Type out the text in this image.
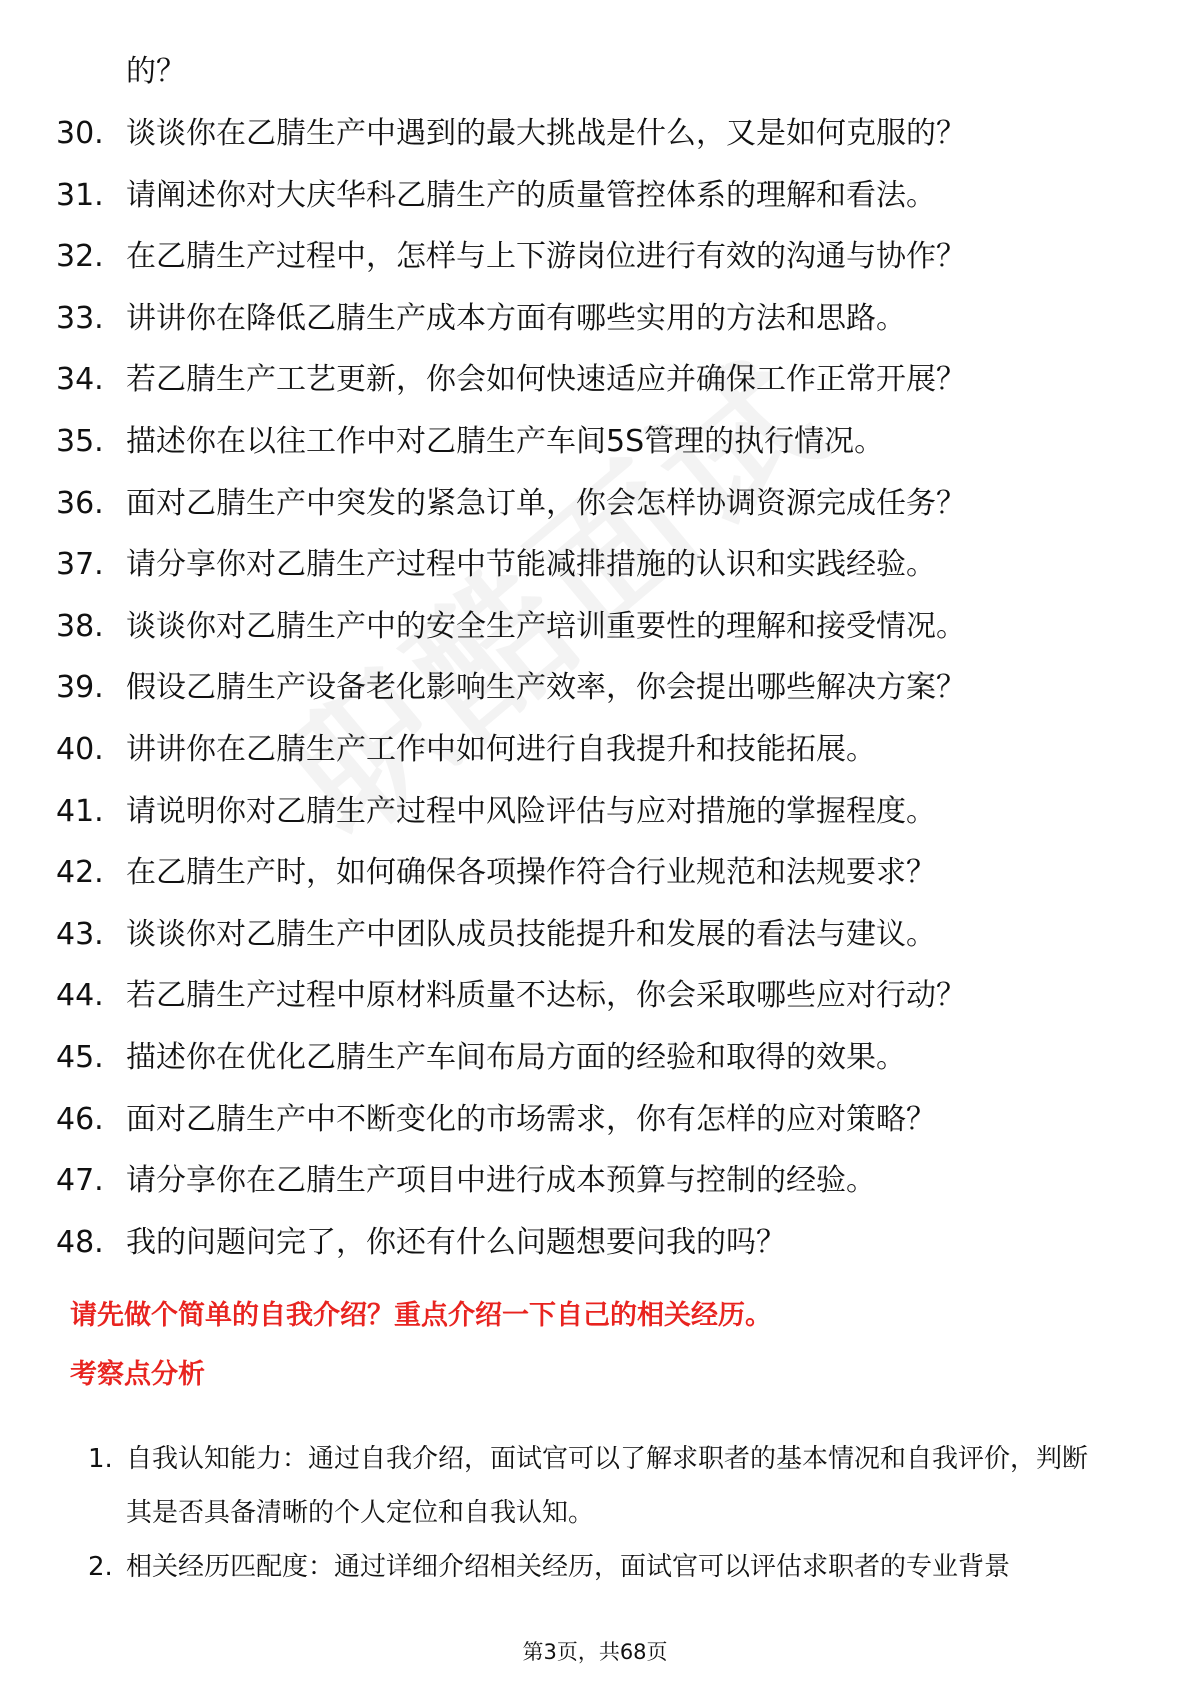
的？
30. 谈谈你在乙腈生产中遇到的最大挑战是什么，又是如何克服的？
31. 请阐述你对大庆华科乙腈生产的质量管控体系的理解和看法。
32. 在乙腈生产过程中，怎样与上下游岗位进行有效的沟通与协作？
33. 讲讲你在降低乙腈生产成本方面有哪些实用的方法和思路。
34. 若乙腈生产工艺更新，你会如何快速适应并确保工作正常开展？
35. 描述你在以往工作中对乙腈生产车间5S管理的执行情况。
36. 面对乙腈生产中突发的紧急订单，你会怎样协调资源完成任务？
37. 请分享你对乙腈生产过程中节能减排措施的认识和实践经验。
38. 谈谈你对乙腈生产中的安全生产培训重要性的理解和接受情况。
39. 假设乙腈生产设备老化影响生产效率，你会提出哪些解决方案？
40. 讲讲你在乙腈生产工作中如何进行自我提升和技能拓展。
41. 请说明你对乙腈生产过程中风险评估与应对措施的掌握程度。
42. 在乙腈生产时，如何确保各项操作符合行业规范和法规要求？
43. 谈谈你对乙腈生产中团队成员技能提升和发展的看法与建议。
44. 若乙腈生产过程中原材料质量不达标，你会采取哪些应对行动？
45. 描述你在优化乙腈生产车间布局方面的经验和取得的效果。
46. 面对乙腈生产中不断变化的市场需求，你有怎样的应对策略？
47. 请分享你在乙腈生产项目中进行成本预算与控制的经验。
48. 我的问题问完了，你还有什么问题想要问我的吗？
请先做个简单的自我介绍？重点介绍一下自己的相关经历。
考察点分析
1. 自我认知能力：通过自我介绍，面试官可以了解求职者的基本情况和自我评价，判断其是否具备清晰的个人定位和自我认知。
2. 相关经历匹配度：通过详细介绍相关经历，面试官可以评估求职者的专业背景
第3页，共68页
